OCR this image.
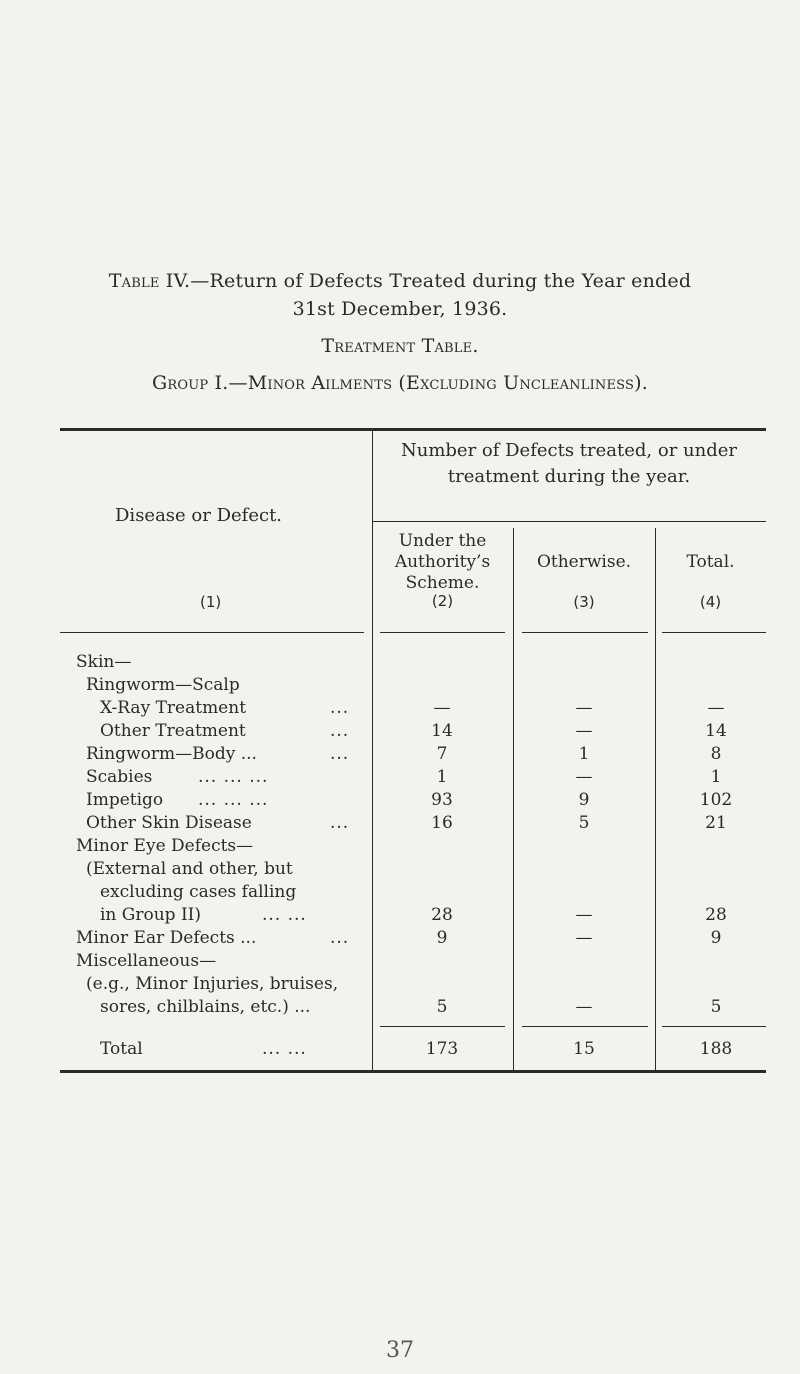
Table IV.—Return of Defects Treated during the Year ended
31st December, 1936.
Treatment Table.
Group I.—Minor Ailments (Excluding Uncleanliness).
Disease or Defect.
(1)
Number of Defects treated, or under
treatment during the year.
Under the
Authority’s
Scheme.
(2)
Otherwise.
(3)
Total.
(4)
Skin—
Ringworm—Scalp
X-Ray Treatment	...	—	—	—
Other Treatment	...	14	—	14
Ringworm—Body ...	...	7	1	8
Scabies	... ... ...	1	—	1
Impetigo ... ... ...	93	9	102
Other Skin Disease	...	16	5	21
Minor Eye Defects—
(External and other, but
excluding cases falling
in Group II)	... ...	28	—	28
Minor Ear Defects ...	...	9	—	9
Miscellaneous—
(e.g., Minor Injuries, bruises,
sores, chilblains, etc.) ...	5	—	5
Total	... ...	173	15	188
37
